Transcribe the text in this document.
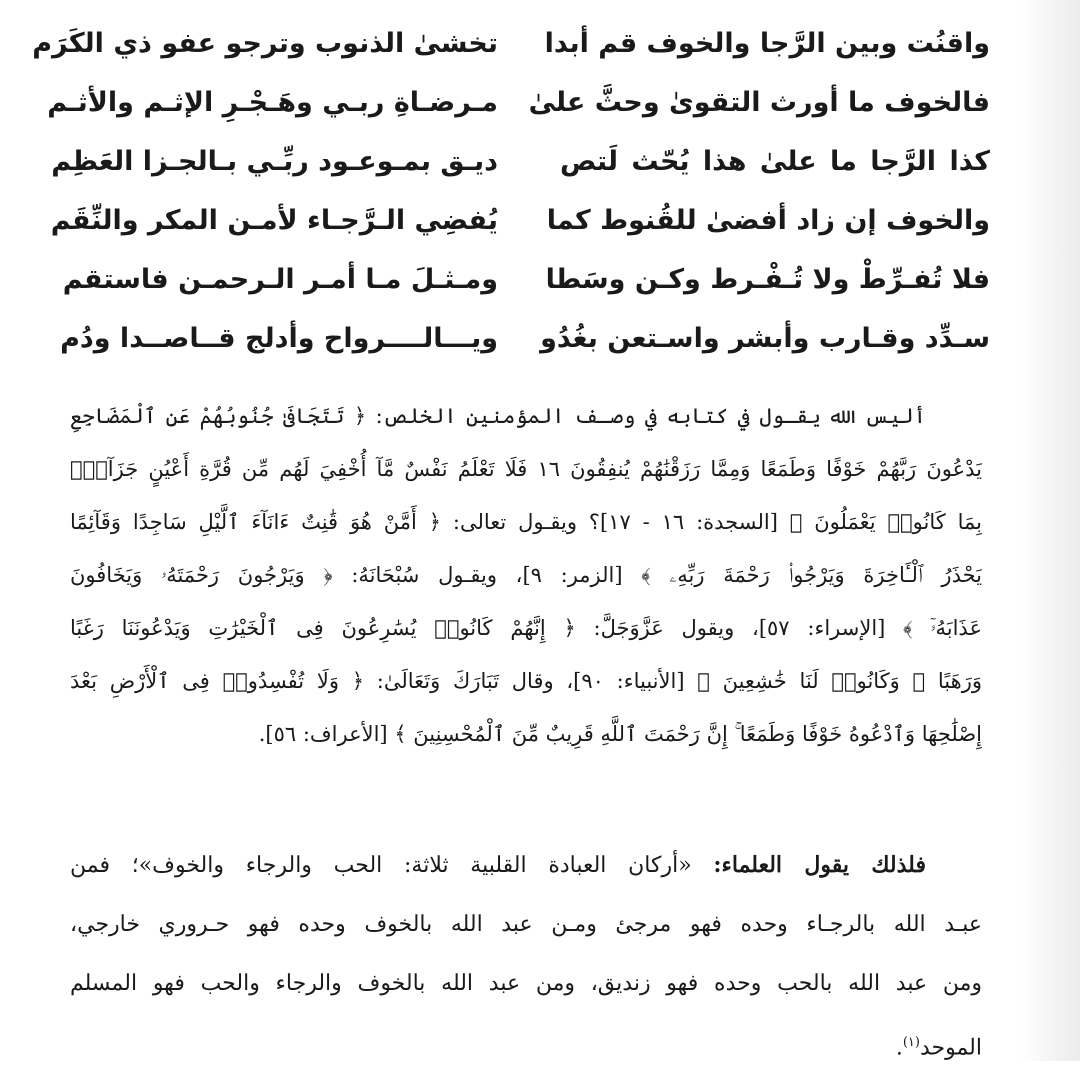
واقنُت وبين الرَّجا والخوف قم أبدا
تخشىٰ الذنوب وترجو عفو ذي الكَرَم
فالخوف ما أورث التقوىٰ وحثَّ علىٰ
مـرضـاةِ ربـي وهَـجْـرِ الإثـم والأثـم
كذا الرَّجا ما علىٰ هذا يُحّث لَتص
ديـق بمـوعـود ربِّـي بـالجـزا العَظِم
والخوف إن زاد أفضىٰ للقُنوط كما
يُفضِي الـرَّجـاء لأمـن المكر والنِّقَم
فلا تُفـرِّطْ ولا تُـفْـرط وكـن وسَطا
ومـثـلَ مـا أمـر الـرحمـن فاستقم
سـدِّد وقـارب وأبشر واسـتعن بغُدُو
ويـــالــــرواح وأدلج قــاصــدا ودُم
أليس الله يقـول في كتابه في وصـف المؤمنين الخلص: ﴿ تَتَجَافَىٰ جُنُوبُهُمْ عَنِ ٱلْمَضَاجِعِ
يَدْعُونَ رَبَّهُمْ خَوْفًا وَطَمَعًا وَمِمَّا رَزَقْنَٰهُمْ يُنفِقُونَ ١٦ فَلَا تَعْلَمُ نَفْسٌ مَّآ أُخْفِيَ لَهُم مِّن قُرَّةِ أَعْيُنٍ جَزَآءَۢ
بِمَا كَانُوا۟ يَعْمَلُونَ ﴾ [السجدة: ١٦ - ١٧]؟ ويقـول تعالى: ﴿ أَمَّنْ هُوَ قَٰنِتٌ ءَانَآءَ ٱلَّيْلِ سَاجِدًا وَقَآئِمًا
يَحْذَرُ ٱلْـَٔاخِرَةَ وَيَرْجُوا۟ رَحْمَةَ رَبِّهِۦ ﴾ [الزمر: ٩]، ويقـول سُبْحَانَهُ: ﴿ وَيَرْجُونَ رَحْمَتَهُۥ وَيَخَافُونَ
عَذَابَهُۥٓ ﴾ [الإسراء: ٥٧]، ويقول عَزَّوَجَلَّ: ﴿ إِنَّهُمْ كَانُوا۟ يُسَٰرِعُونَ فِى ٱلْخَيْرَٰتِ وَيَدْعُونَنَا رَغَبًا
وَرَهَبًا ۖ وَكَانُوا۟ لَنَا خَٰشِعِينَ ﴾ [الأنبياء: ٩٠]، وقال تَبَارَكَ وَتَعَالَىٰ: ﴿ وَلَا تُفْسِدُوا۟ فِى ٱلْأَرْضِ بَعْدَ
إِصْلَٰحِهَا وَٱدْعُوهُ خَوْفًا وَطَمَعًا ۚ إِنَّ رَحْمَتَ ٱللَّهِ قَرِيبٌ مِّنَ ٱلْمُحْسِنِينَ ﴾ [الأعراف: ٥٦].
فلذلك يقول العلماء: «أركان العبادة القلبية ثلاثة: الحب والرجاء والخوف»؛ فمن
عبـد الله بالرجـاء وحده فهو مرجئ ومـن عبد الله بالخوف وحده فهو حـروري خارجي،
ومن عبد الله بالحب وحده فهو زنديق، ومن عبد الله بالخوف والرجاء والحب فهو المسلم
الموحد$^{(١)}$.
